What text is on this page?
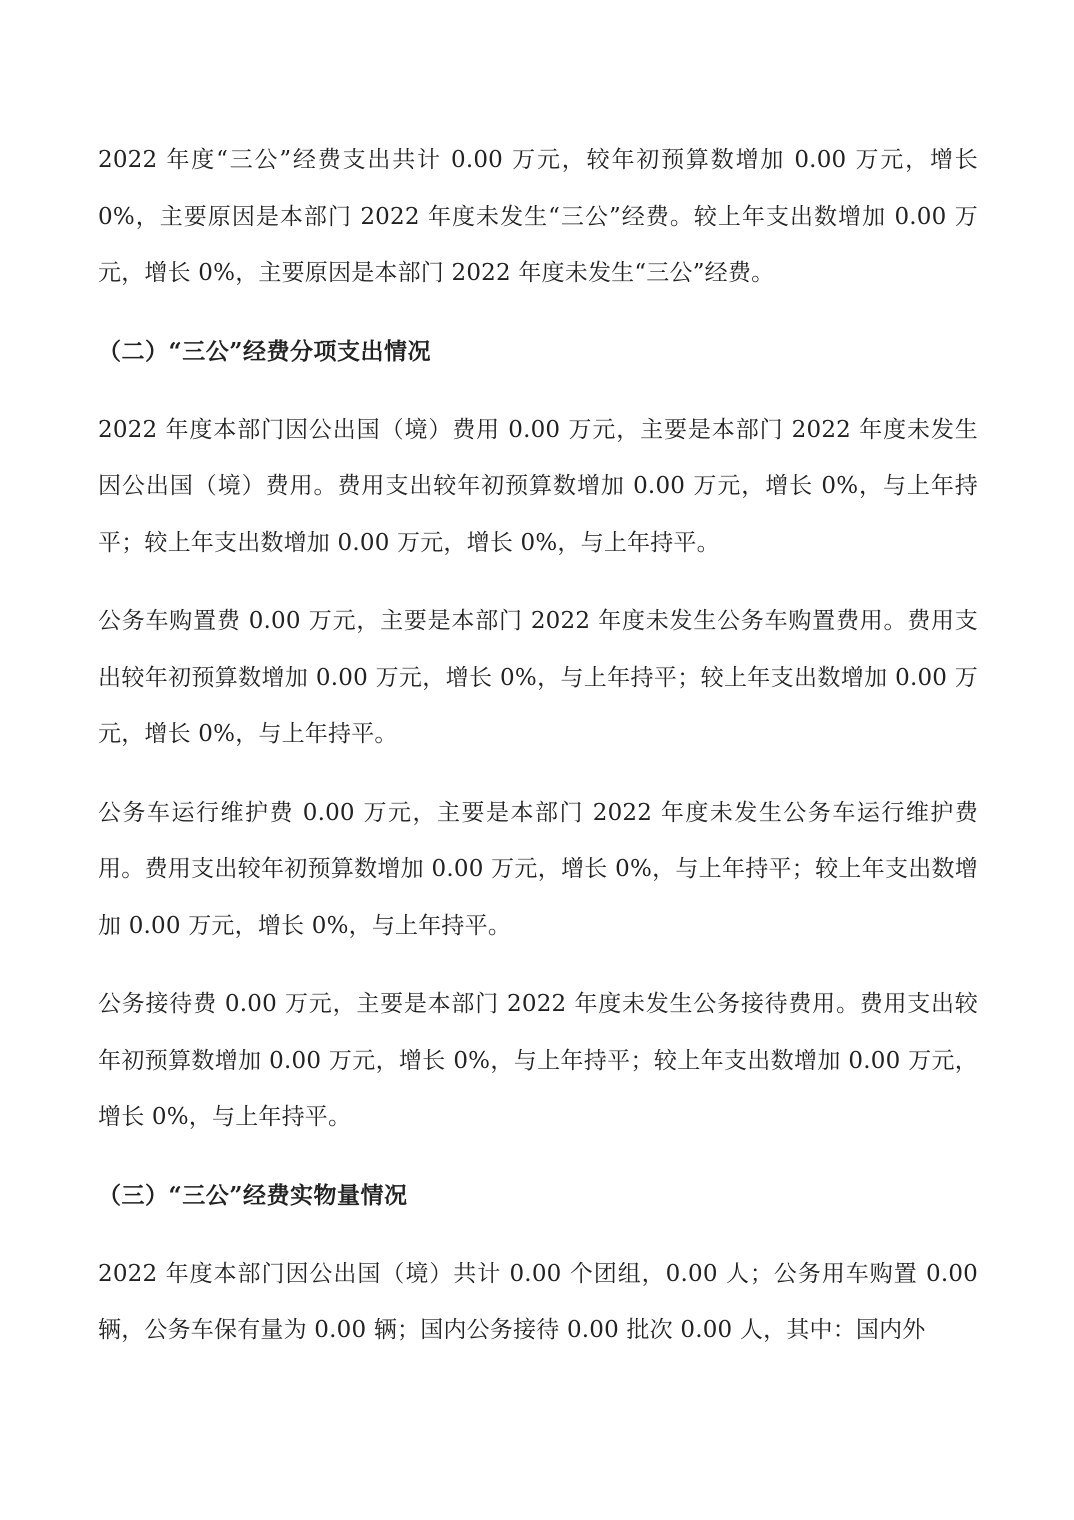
2022 年度“三公”经费支出共计 0.00 万元，较年初预算数增加 0.00 万元，增长 0%，主要原因是本部门 2022 年度未发生“三公”经费。较上年支出数增加 0.00 万元，增长 0%，主要原因是本部门 2022 年度未发生“三公”经费。

（二）“三公”经费分项支出情况

2022 年度本部门因公出国（境）费用 0.00 万元，主要是本部门 2022 年度未发生因公出国（境）费用。费用支出较年初预算数增加 0.00 万元，增长 0%，与上年持平；较上年支出数增加 0.00 万元，增长 0%，与上年持平。

公务车购置费 0.00 万元，主要是本部门 2022 年度未发生公务车购置费用。费用支出较年初预算数增加 0.00 万元，增长 0%，与上年持平；较上年支出数增加 0.00 万元，增长 0%，与上年持平。

公务车运行维护费 0.00 万元，主要是本部门 2022 年度未发生公务车运行维护费用。费用支出较年初预算数增加 0.00 万元，增长 0%，与上年持平；较上年支出数增加 0.00 万元，增长 0%，与上年持平。

公务接待费 0.00 万元，主要是本部门 2022 年度未发生公务接待费用。费用支出较年初预算数增加 0.00 万元，增长 0%，与上年持平；较上年支出数增加 0.00 万元，增长 0%，与上年持平。

（三）“三公”经费实物量情况

2022 年度本部门因公出国（境）共计 0.00 个团组，0.00 人；公务用车购置 0.00 辆，公务车保有量为 0.00 辆；国内公务接待 0.00 批次 0.00 人，其中：国内外
